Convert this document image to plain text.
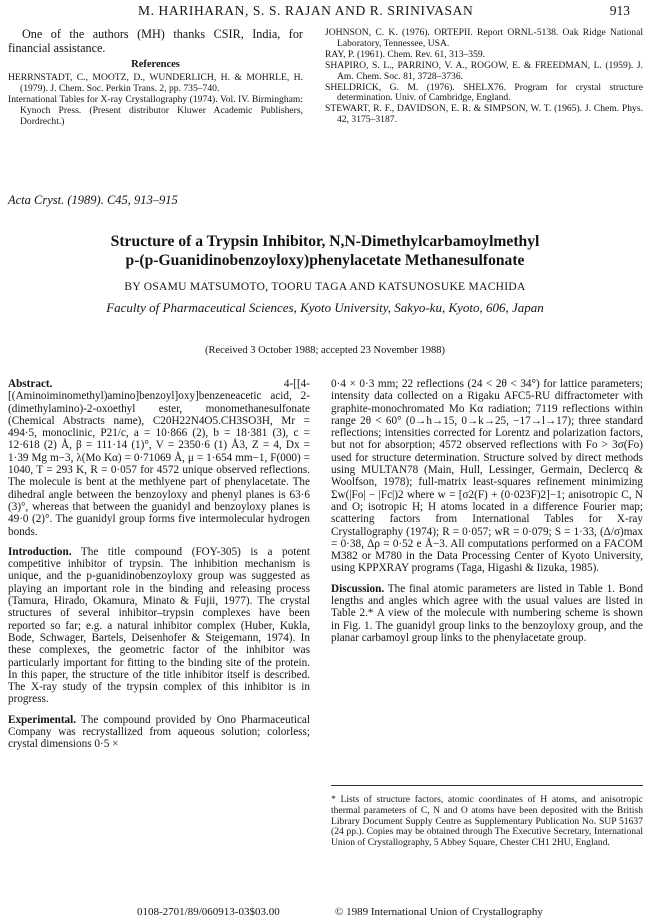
M. HARIHARAN, S. S. RAJAN AND R. SRINIVASAN	913

One of the authors (MH) thanks CSIR, India, for financial assistance.

References

HERRNSTADT, C., MOOTZ, D., WUNDERLICH, H. & MOHRLE, H. (1979). J. Chem. Soc. Perkin Trans. 2, pp. 735–740.

International Tables for X-ray Crystallography (1974). Vol. IV. Birmingham: Kynoch Press. (Present distributor Kluwer Academic Publishers, Dordrecht.)

JOHNSON, C. K. (1976). ORTEPII. Report ORNL-5138. Oak Ridge National Laboratory, Tennessee, USA.

RAY, P. (1961). Chem. Rev. 61, 313–359.

SHAPIRO, S. L., PARRINO, V. A., ROGOW, E. & FREEDMAN, L. (1959). J. Am. Chem. Soc. 81, 3728–3736.

SHELDRICK, G. M. (1976). SHELX76. Program for crystal structure determination. Univ. of Cambridge, England.

STEWART, R. F., DAVIDSON, E. R. & SIMPSON, W. T. (1965). J. Chem. Phys. 42, 3175–3187.

Acta Cryst. (1989). C45, 913–915
Structure of a Trypsin Inhibitor, N,N-Dimethylcarbamoylmethyl
p-(p-Guanidinobenzoyloxy)phenylacetate Methanesulfonate
BY OSAMU MATSUMOTO, TOORU TAGA AND KATSUNOSUKE MACHIDA
Faculty of Pharmaceutical Sciences, Kyoto University, Sakyo-ku, Kyoto, 606, Japan
(Received 3 October 1988; accepted 23 November 1988)

Abstract.	4-[[4-[(Aminoiminomethyl)amino]benzoyl]oxy]benzeneacetic acid, 2-(dimethylamino)-2-oxoethyl ester, monomethanesulfonate (Chemical Abstracts name), C20H22N4O5.CH3SO3H, Mr = 494·5, monoclinic, P21/c, a = 10·866 (2), b = 18·381 (3), c = 12·618 (2) Å, β = 111·14 (1)°, V = 2350·6 (1) Å3, Z = 4, Dx = 1·39 Mg m−3, λ(Mo Kα) = 0·71069 Å, μ = 1·654 mm−1, F(000) = 1040, T = 293 K, R = 0·057 for 4572 unique observed reflections. The molecule is bent at the methlyene part of phenylacetate. The dihedral angle between the benzoyloxy and phenyl planes is 63·6 (3)°, whereas that between the guanidyl and benzoyloxy planes is 49·0 (2)°. The guanidyl group forms five intermolecular hydrogen bonds.

Introduction. The title compound (FOY-305) is a potent competitive inhibitor of trypsin. The inhibition mechanism is unique, and the p-guanidinobenzoyloxy group was suggested as playing an important role in the binding and releasing process (Tamura, Hirado, Okamura, Minato & Fujii, 1977). The crystal structures of several inhibitor–trypsin complexes have been reported so far; e.g. a natural inhibitor complex (Huber, Kukla, Bode, Schwager, Bartels, Deisenhofer & Steigemann, 1974). In these complexes, the geometric factor of the inhibitor was particularly important for fitting to the binding site of the protein. In this paper, the structure of the title inhibitor itself is described. The X-ray study of the trypsin complex of this inhibitor is in progress.

Experimental. The compound provided by Ono Pharmaceutical Company was recrystallized from aqueous solution; colorless; crystal dimensions 0·5 ×

0·4 × 0·3 mm; 22 reflections (24 < 2θ < 34°) for lattice parameters; intensity data collected on a Rigaku AFC5-RU diffractometer with graphite-monochromated Mo Kα radiation; 7119 reflections within range 2θ < 60° (0→h→15, 0→k→25, −17→l→17); three standard reflections; intensities corrected for Lorentz and polarization factors, but not for absorption; 4572 observed reflections with Fo > 3σ(Fo) used for structure determination. Structure solved by direct methods using MULTAN78 (Main, Hull, Lessinger, Germain, Declercq & Woolfson, 1978); full-matrix least-squares refinement minimizing Σw(|Fo| − |Fc|)2 where w = [σ2(F) + (0·023F)2]−1; anisotropic C, N and O; isotropic H; H atoms located in a difference Fourier map; scattering factors from International Tables for X-ray Crystallography (1974); R = 0·057; wR = 0·079; S = 1·33, (Δ/σ)max = 0·38, Δρ = 0·52 e Å−3. All computations performed on a FACOM M382 or M780 in the Data Processing Center of Kyoto University, using KPPXRAY programs (Taga, Higashi & Iizuka, 1985).

Discussion. The final atomic parameters are listed in Table 1. Bond lengths and angles which agree with the usual values are listed in Table 2.* A view of the molecule with numbering scheme is shown in Fig. 1. The guanidyl group links to the benzoyloxy group, and the planar carbamoyl group links to the phenylacetate group.

* Lists of structure factors, atomic coordinates of H atoms, and anisotropic thermal parameters of C, N and O atoms have been deposited with the British Library Document Supply Centre as Supplementary Publication No. SUP 51637 (24 pp.). Copies may be obtained through The Executive Secretary, International Union of Crystallography, 5 Abbey Square, Chester CH1 2HU, England.
0108-2701/89/060913-03$03.00	© 1989 International Union of Crystallography
